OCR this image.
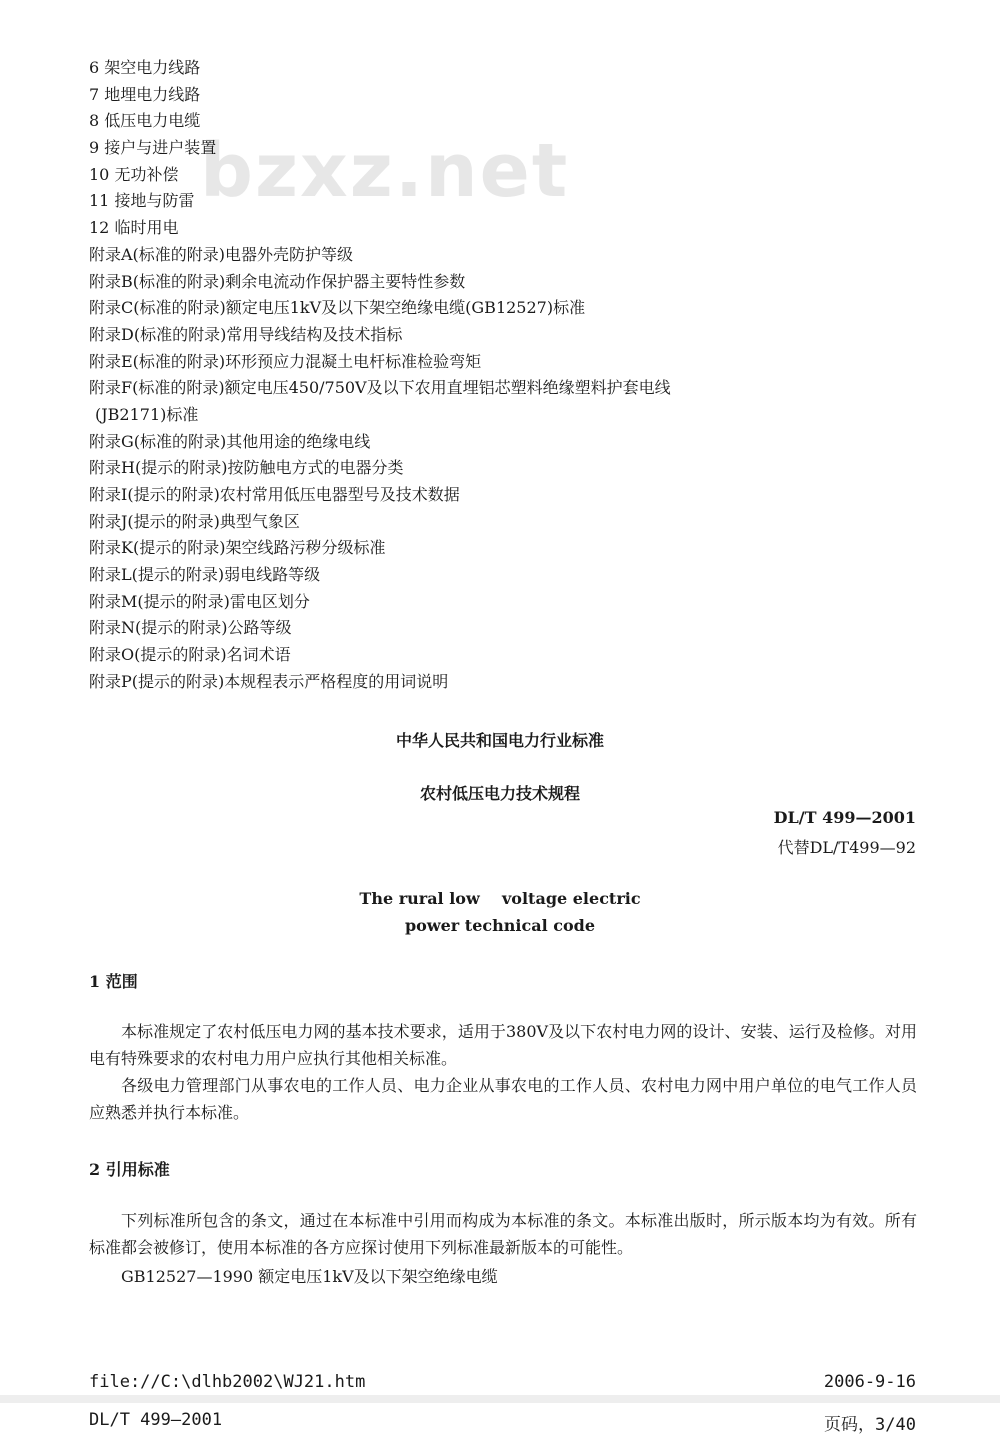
bzxz.net
6 架空电力线路
7 地埋电力线路
8 低压电力电缆
9 接户与进户装置
10 无功补偿
11 接地与防雷
12 临时用电
附录A(标准的附录)电器外壳防护等级
附录B(标准的附录)剩余电流动作保护器主要特性参数
附录C(标准的附录)额定电压1kV及以下架空绝缘电缆(GB12527)标准
附录D(标准的附录)常用导线结构及技术指标
附录E(标准的附录)环形预应力混凝土电杆标准检验弯矩
附录F(标准的附录)额定电压450/750V及以下农用直埋铝芯塑料绝缘塑料护套电线
(JB2171)标准
附录G(标准的附录)其他用途的绝缘电线
附录H(提示的附录)按防触电方式的电器分类
附录I(提示的附录)农村常用低压电器型号及技术数据
附录J(提示的附录)典型气象区
附录K(提示的附录)架空线路污秽分级标准
附录L(提示的附录)弱电线路等级
附录M(提示的附录)雷电区划分
附录N(提示的附录)公路等级
附录O(提示的附录)名词术语
附录P(提示的附录)本规程表示严格程度的用词说明
中华人民共和国电力行业标准
农村低压电力技术规程
DL/T 499—2001
代替DL/T499—92
The rural low    voltage electric
power technical code
1 范围

本标准规定了农村低压电力网的基本技术要求，适用于380V及以下农村电力网的设计、安装、运行及检修。对用电有特殊要求的农村电力用户应执行其他相关标准。

各级电力管理部门从事农电的工作人员、电力企业从事农电的工作人员、农村电力网中用户单位的电气工作人员应熟悉并执行本标准。

2 引用标准

下列标准所包含的条文，通过在本标准中引用而构成为本标准的条文。本标准出版时，所示版本均为有效。所有标准都会被修订，使用本标准的各方应探讨使用下列标准最新版本的可能性。

GB12527—1990 额定电压1kV及以下架空绝缘电缆
file://C:\dlhb2002\WJ21.htm	2006-9-16
DL/T 499—2001	页码，3/40
